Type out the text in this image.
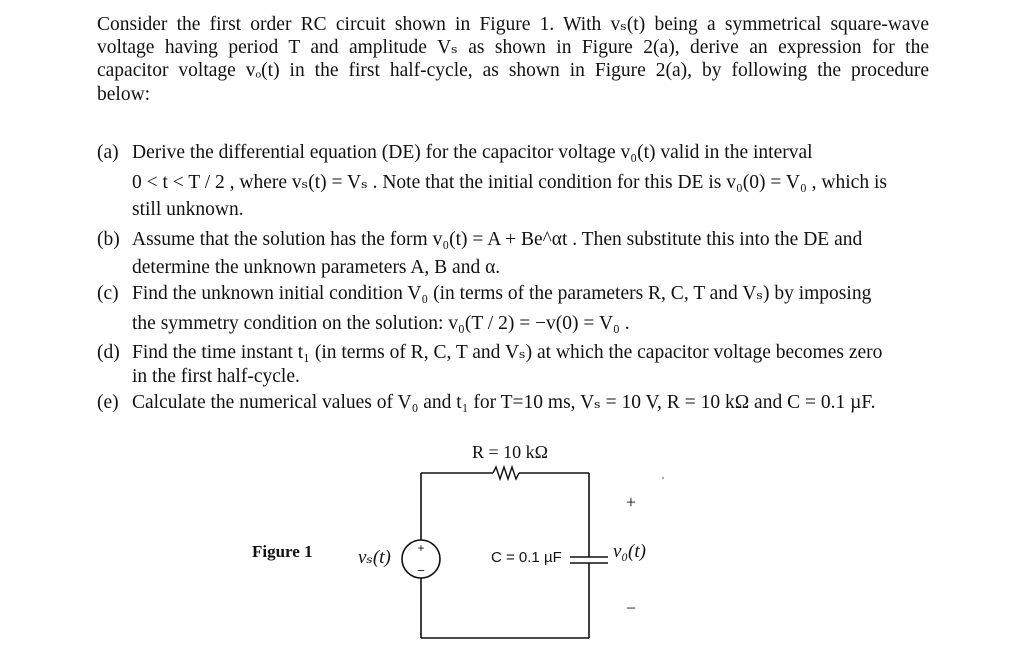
Consider the first order RC circuit shown in Figure 1. With vₛ(t) being a symmetrical square-wave
voltage having period T and amplitude Vₛ as shown in Figure 2(a), derive an expression for the
capacitor voltage vₒ(t) in the first half-cycle, as shown in Figure 2(a), by following the procedure
below:
(a) Derive the differential equation (DE) for the capacitor voltage v₀(t) valid in the interval
0 < t < T / 2 , where vₛ(t) = Vₛ . Note that the initial condition for this DE is v₀(0) = V₀ , which is
still unknown.
(b) Assume that the solution has the form v₀(t) = A + Be^αt . Then substitute this into the DE and
determine the unknown parameters A, B and α.
(c) Find the unknown initial condition V₀ (in terms of the parameters R, C, T and Vₛ) by imposing
the symmetry condition on the solution: v₀(T / 2) = −v(0) = V₀ .
(d) Find the time instant t₁ (in terms of R, C, T and Vₛ) at which the capacitor voltage becomes zero
in the first half-cycle.
(e) Calculate the numerical values of V₀ and t₁ for T=10 ms, Vₛ = 10 V, R = 10 kΩ and C = 0.1 µF.
+
−
R = 10 kΩ
Figure 1 vₛ(t)	C = 0.1 µF
+
v₀(t)
−
